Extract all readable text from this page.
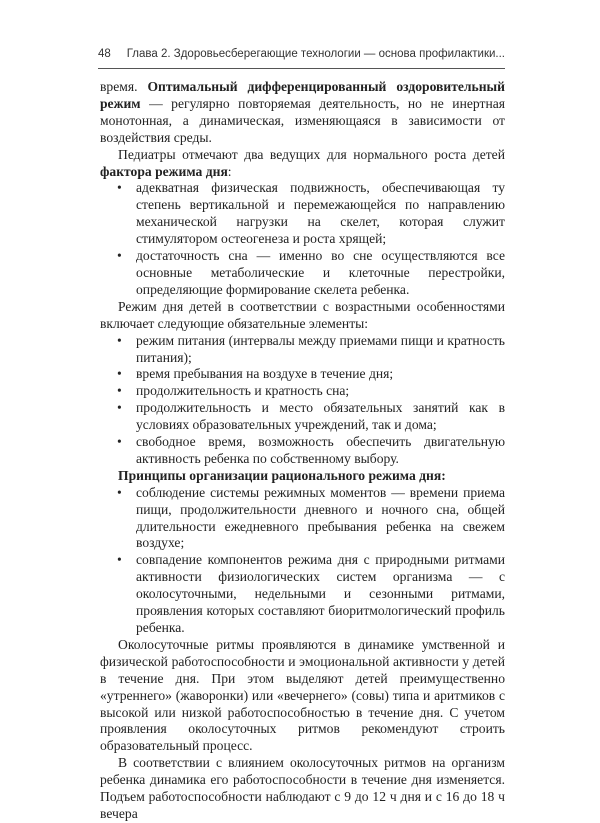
48 Глава 2. Здоровьесберегающие технологии — основа профилактики...

время. Оптимальный дифференцированный оздоровительный режим — регулярно повторяемая деятельность, но не инертная монотонная, а динамическая, изменяющаяся в зависимости от воздействия среды.

Педиатры отмечают два ведущих для нормального роста детей фактора режима дня:

• адекватная физическая подвижность, обеспечивающая ту степень вертикальной и перемежающейся по направлению механической нагрузки на скелет, которая служит стимулятором остеогенеза и роста хрящей;
• достаточность сна — именно во сне осуществляются все основные метаболические и клеточные перестройки, определяющие формирование скелета ребенка.

Режим дня детей в соответствии с возрастными особенностями включает следующие обязательные элементы:

• режим питания (интервалы между приемами пищи и кратность питания);
• время пребывания на воздухе в течение дня;
• продолжительность и кратность сна;
• продолжительность и место обязательных занятий как в условиях образовательных учреждений, так и дома;
• свободное время, возможность обеспечить двигательную активность ребенка по собственному выбору.

Принципы организации рационального режима дня:

• соблюдение системы режимных моментов — времени приема пищи, продолжительности дневного и ночного сна, общей длительности ежедневного пребывания ребенка на свежем воздухе;
• совпадение компонентов режима дня с природными ритмами активности физиологических систем организма — с околосуточными, недельными и сезонными ритмами, проявления которых составляют биоритмологический профиль ребенка.

Околосуточные ритмы проявляются в динамике умственной и физической работоспособности и эмоциональной активности у детей в течение дня. При этом выделяют детей преимущественно «утреннего» (жаворонки) или «вечернего» (совы) типа и аритмиков с высокой или низкой работоспособностью в течение дня. С учетом проявления околосуточных ритмов рекомендуют строить образовательный процесс.

В соответствии с влиянием околосуточных ритмов на организм ребенка динамика его работоспособности в течение дня изменяется. Подъем работоспособности наблюдают с 9 до 12 ч дня и с 16 до 18 ч вечера
